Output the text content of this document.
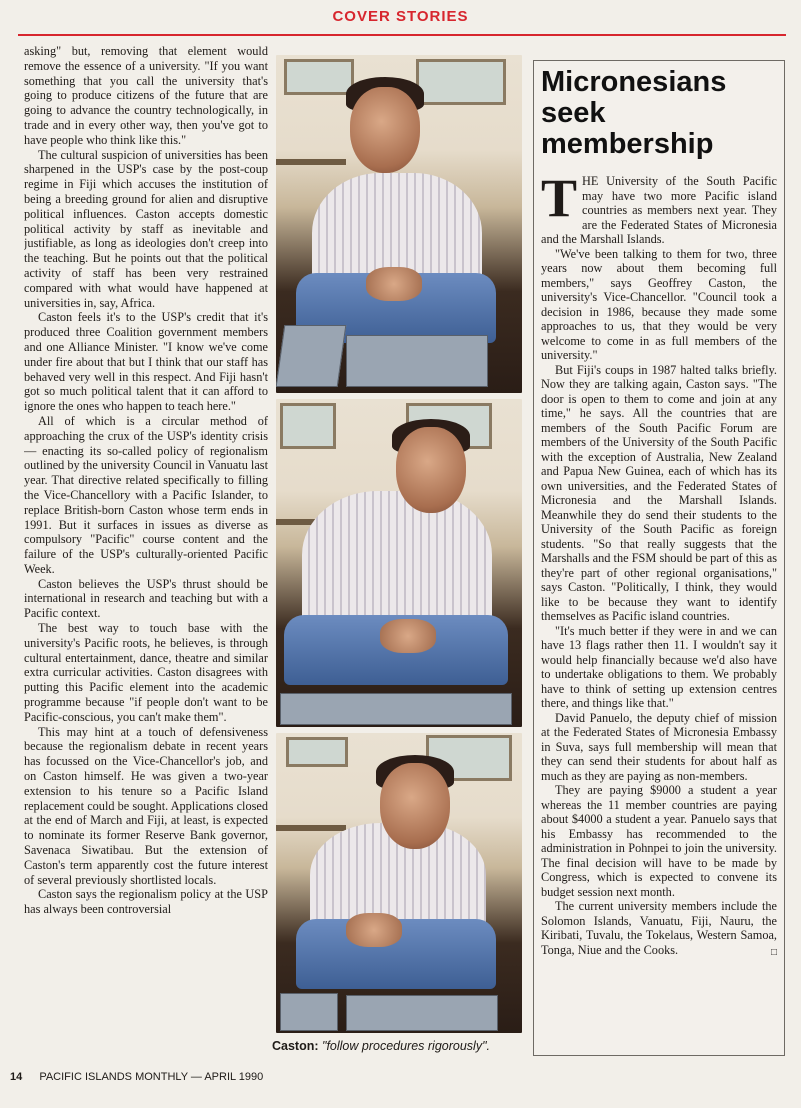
COVER STORIES

asking" but, removing that element would remove the essence of a university. "If you want something that you call the university that's going to produce citizens of the future that are going to advance the country technologically, in trade and in every other way, then you've got to have people who think like this."

The cultural suspicion of universities has been sharpened in the USP's case by the post-coup regime in Fiji which accuses the institution of being a breeding ground for alien and disruptive political influences. Caston accepts domestic political activity by staff as inevitable and justifiable, as long as ideologies don't creep into the teaching. But he points out that the political activity of staff has been very restrained compared with what would have happened at universities in, say, Africa.

Caston feels it's to the USP's credit that it's produced three Coalition government members and one Alliance Minister. "I know we've come under fire about that but I think that our staff has behaved very well in this respect. And Fiji hasn't got so much political talent that it can afford to ignore the ones who happen to teach here."

All of which is a circular method of approaching the crux of the USP's identity crisis — enacting its so-called policy of regionalism outlined by the university Council in Vanuatu last year. That directive related specifically to filling the Vice-Chancellory with a Pacific Islander, to replace British-born Caston whose term ends in 1991. But it surfaces in issues as diverse as compulsory "Pacific" course content and the failure of the USP's culturally-oriented Pacific Week.

Caston believes the USP's thrust should be international in research and teaching but with a Pacific context.

The best way to touch base with the university's Pacific roots, he believes, is through cultural entertainment, dance, theatre and similar extra curricular activities. Caston disagrees with putting this Pacific element into the academic programme because "if people don't want to be Pacific-conscious, you can't make them".

This may hint at a touch of defensiveness because the regionalism debate in recent years has focussed on the Vice-Chancellor's job, and on Caston himself. He was given a two-year extension to his tenure so a Pacific Island replacement could be sought. Applications closed at the end of March and Fiji, at least, is expected to nominate its former Reserve Bank governor, Savenaca Siwatibau. But the extension of Caston's term apparently cost the future interest of several previously shortlisted locals.

Caston says the regionalism policy at the USP has always been controversial

Caston: "follow procedures rigorously".
Micronesians seek membership

T HE University of the South Pacific may have two more Pacific island countries as members next year. They are the Federated States of Micronesia and the Marshall Islands.

"We've been talking to them for two, three years now about them becoming full members," says Geoffrey Caston, the university's Vice-Chancellor. "Council took a decision in 1986, because they made some approaches to us, that they would be very welcome to come in as full members of the university."

But Fiji's coups in 1987 halted talks briefly. Now they are talking again, Caston says. "The door is open to them to come and join at any time," he says. All the countries that are members of the South Pacific Forum are members of the University of the South Pacific with the exception of Australia, New Zealand and Papua New Guinea, each of which has its own universities, and the Federated States of Micronesia and the Marshall Islands. Meanwhile they do send their students to the University of the South Pacific as foreign students. "So that really suggests that the Marshalls and the FSM should be part of this as they're part of other regional organisations," says Caston. "Politically, I think, they would like to be because they want to identify themselves as Pacific island countries.

"It's much better if they were in and we can have 13 flags rather then 11. I wouldn't say it would help financially because we'd also have to undertake obligations to them. We probably have to think of setting up extension centres there, and things like that."

David Panuelo, the deputy chief of mission at the Federated States of Micronesia Embassy in Suva, says full membership will mean that they can send their students for about half as much as they are paying as non-members.

They are paying $9000 a student a year whereas the 11 member countries are paying about $4000 a student a year. Panuelo says that his Embassy has recommended to the administration in Pohnpei to join the university. The final decision will have to be made by Congress, which is expected to convene its budget session next month.

The current university members include the Solomon Islands, Vanuatu, Fiji, Nauru, the Kiribati, Tuvalu, the Tokelaus, Western Samoa, Tonga, Niue and the Cooks.	□

14 PACIFIC ISLANDS MONTHLY — APRIL 1990
